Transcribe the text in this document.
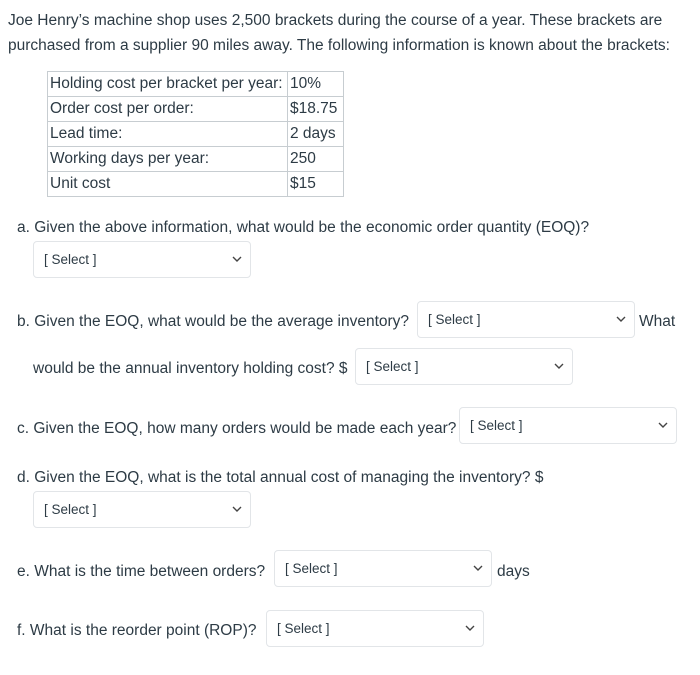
Joe Henry’s machine shop uses 2,500 brackets during the course of a year. These brackets are purchased from a supplier 90 miles away. The following information is known about the brackets:

Holding cost per bracket per year:	10%
Order cost per order:	$18.75
Lead time:	2 days
Working days per year:	250
Unit cost	$15
a. Given the above information, what would be the economic order quantity (EOQ)?
[ Select ]
b. Given the EOQ, what would be the average inventory? [ Select ]	What
would be the annual inventory holding cost? $ [ Select ]
c. Given the EOQ, how many orders would be made each year? [ Select ]
d. Given the EOQ, what is the total annual cost of managing the inventory? $
[ Select ]
e. What is the time between orders? [ Select ]	days
f. What is the reorder point (ROP)? [ Select ]
